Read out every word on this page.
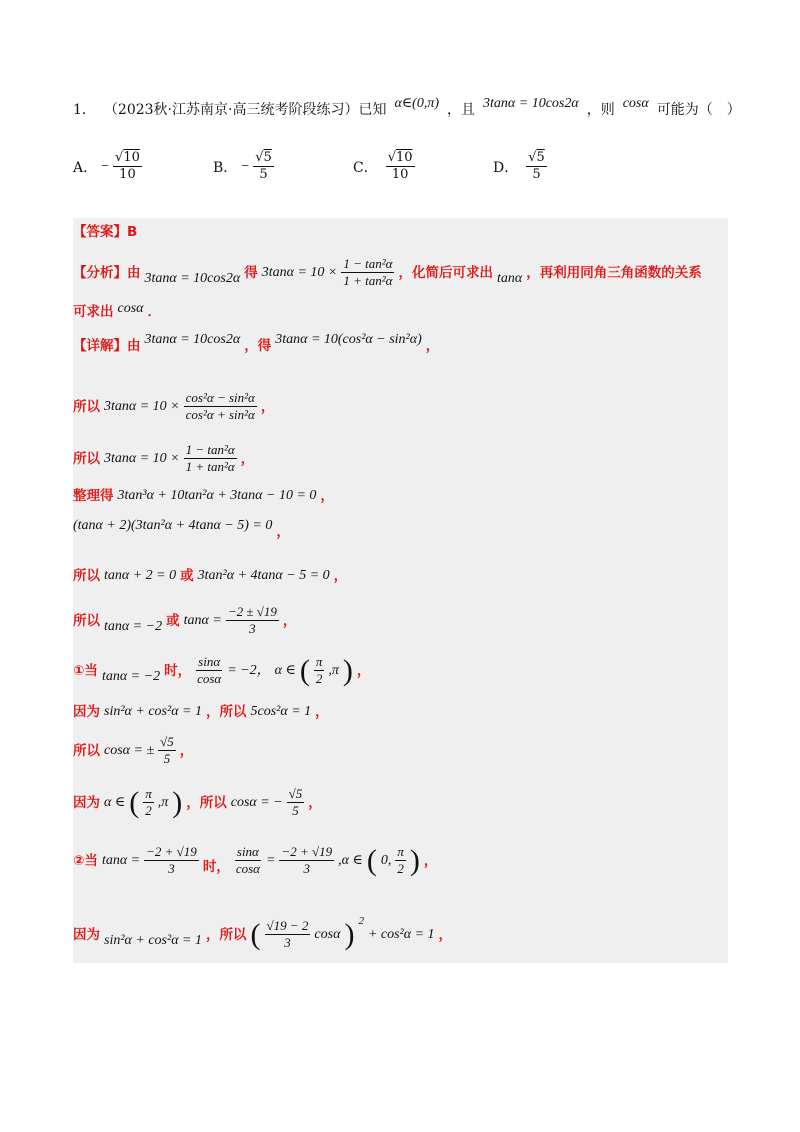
1． （2023秋·江苏南京·高三统考阶段练习）已知 α∈(0,π) ，且 3tanα = 10cos2α ，则 cosα 可能为（　）
A． − $\frac{√10}{10}$	B． − $\frac{√5}{5}$	C． $\frac{√10}{10}$	D． $\frac{√5}{5}$
【答案】B
【分析】由 3tanα = 10cos2α 得 $3\tan\alpha = 10 \times \frac{\text{1 − tan²α}}{\text{1 + tan²α}}$ ，化简后可求出 tanα ，再利用同角三角函数的关系
可求出 cosα ．
【详解】由 3tanα = 10cos2α ，得 3tanα = 10(cos²α − sin²α) ，
所以 $3\tan\alpha = 10 \times \frac{\text{cos²α − sin²α}}{\text{cos²α + sin²α}}$ ，
所以 $3\tan\alpha = 10 \times \frac{\text{1 − tan²α}}{\text{1 + tan²α}}$ ，
整理得 3tan³α + 10tan²α + 3tanα − 10 = 0 ，
(tanα + 2)(3tan²α + 4tanα − 5) = 0 ，
所以 tanα + 2 = 0 或 3tan²α + 4tanα − 5 = 0 ，
所以 tanα = −2 或 $\tan\alpha = \frac{-2 \pm √19}{3}$ ，
①当 tanα = −2 时， $\frac{\sin\alpha}{\cos\alpha} = -2$， α ∈ ( $\frac{\pi}{2} ,\pi$ ) ，
因为 sin²α + cos²α = 1 ，所以 5cos²α = 1 ，
所以 cosα = ± $\frac{√5}{5}$ ，
因为 α ∈ ( $\frac{\pi}{2} ,\pi$ ) ，所以 cosα = − $\frac{√5}{5}$ ，
②当 $\tan\alpha = \frac{-2 + √19}{3}$ 时， $\frac{\sin\alpha}{\cos\alpha} = \frac{-2 + √19}{3} ,\alpha$ ∈ ( 0, $\frac{\pi}{2}$ ) ，
因为 sin²α + cos²α = 1 ，所以 ( $\frac{√19 - 2}{3}$ cosα ) 2
+ cos²α = 1 ，
